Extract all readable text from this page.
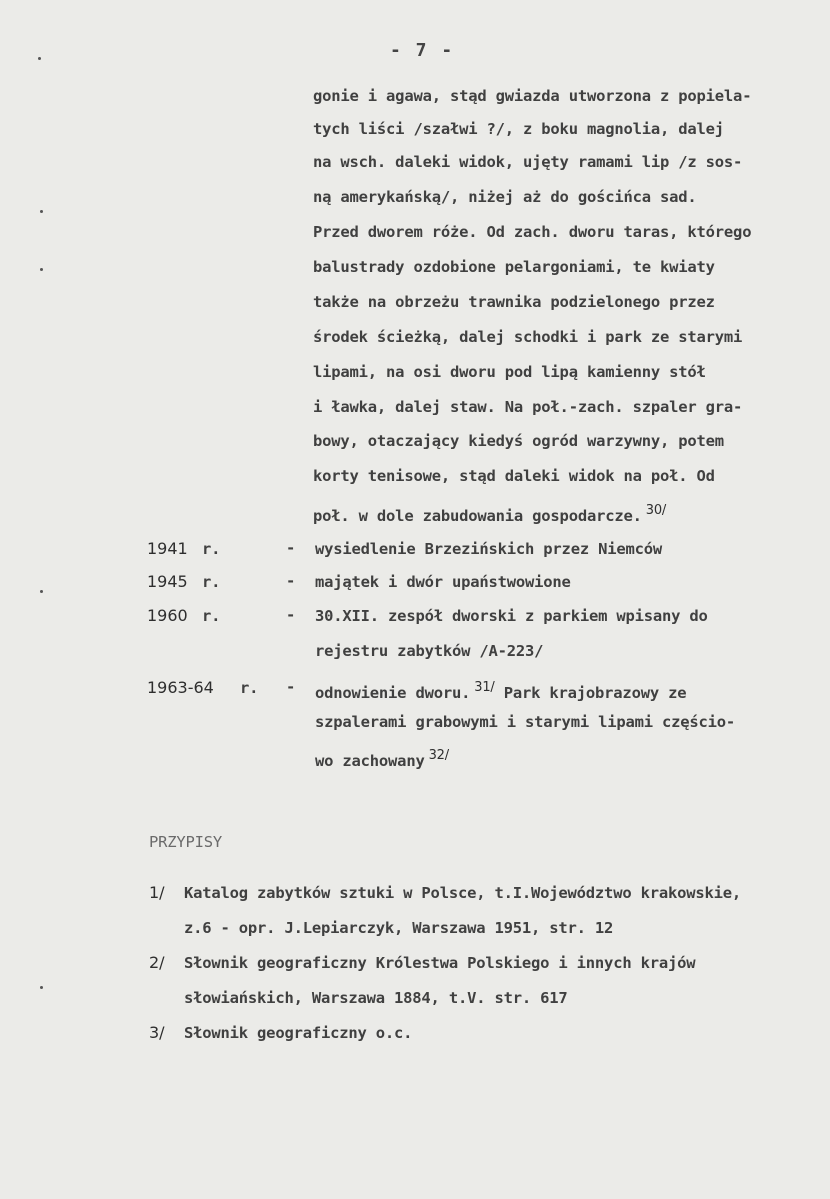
- 7 -
gonie i agawa, stąd gwiazda utworzona z popiela-
tych liści /szałwi ?/, z boku magnolia, dalej
na wsch. daleki widok, ujęty ramami lip /z sos-
ną amerykańską/, niżej aż do gościńca sad.
Przed dworem róże. Od zach. dworu taras, którego
balustrady ozdobione pelargoniami, te kwiaty
także na obrzeżu trawnika podzielonego przez
środek ścieżką, dalej schodki i park ze starymi
lipami, na osi dworu pod lipą kamienny stół
i ławka, dalej staw. Na poł.-zach. szpaler gra-
bowy, otaczający kiedyś ogród warzywny, potem
korty tenisowe, stąd daleki widok na poł. Od
poł. w dole zabudowania gospodarcze. $^{30/}$
1941 r.	- wysiedlenie Brzezińskich przez Niemców
1945 r.	- majątek i dwór upaństwowione
1960 r.	- 30.XII. zespół dworski z parkiem wpisany do
rejestru zabytków /A-223/
1963-64 r. - odnowienie dworu. $^{31/}$ Park krajobrazowy ze
szpalerami grabowymi i starymi lipami częścio-
wo zachowany $^{32/}$
PRZYPISY
1/ Katalog zabytków sztuki w Polsce, t.I.Województwo krakowskie,
z.6 - opr. J.Lepiarczyk, Warszawa 1951, str. 12
2/ Słownik geograficzny Królestwa Polskiego i innych krajów
słowiańskich, Warszawa 1884, t.V. str. 617
3/ Słownik geograficzny o.c.
